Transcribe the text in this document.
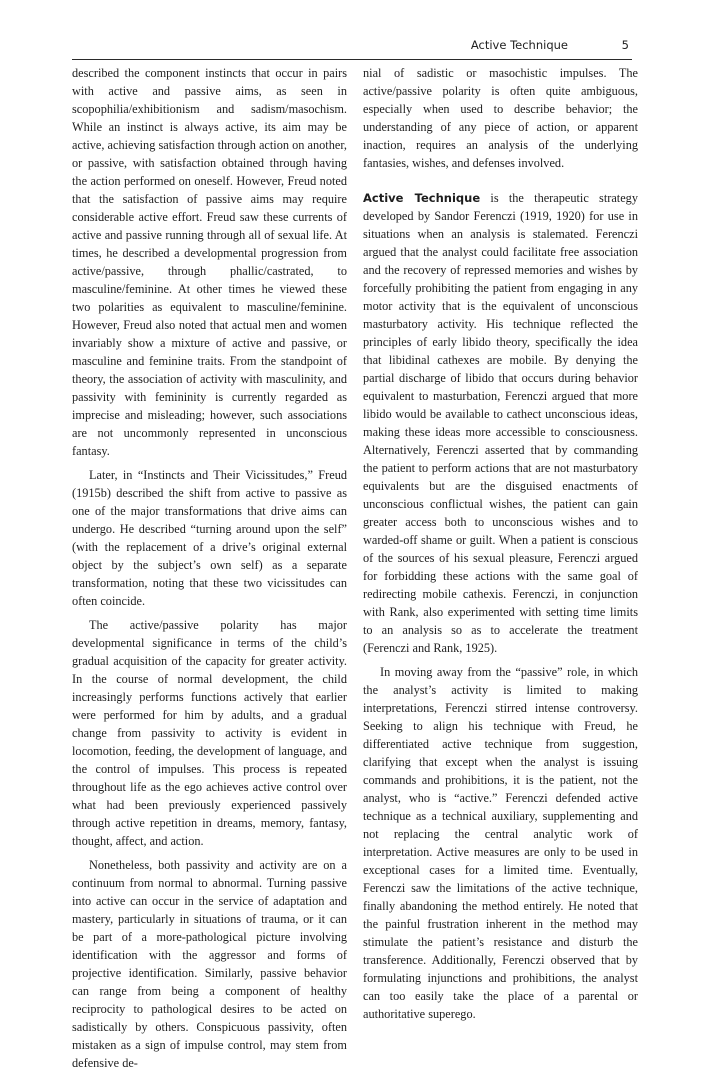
Active Technique	5

described the component instincts that occur in pairs with active and passive aims, as seen in scopophilia/exhibitionism and sadism/masochism. While an instinct is always active, its aim may be active, achieving satisfaction through action on another, or passive, with satisfaction obtained through having the action performed on oneself. However, Freud noted that the satisfaction of passive aims may require considerable active effort. Freud saw these currents of active and passive running through all of sexual life. At times, he described a developmental progression from active/passive, through phallic/castrated, to masculine/feminine. At other times he viewed these two polarities as equivalent to masculine/feminine. However, Freud also noted that actual men and women invariably show a mixture of active and passive, or masculine and feminine traits. From the standpoint of theory, the association of activity with masculinity, and passivity with femininity is currently regarded as imprecise and misleading; however, such associations are not uncommonly represented in unconscious fantasy.

Later, in “Instincts and Their Vicissitudes,” Freud (1915b) described the shift from active to passive as one of the major transformations that drive aims can undergo. He described “turning around upon the self” (with the replacement of a drive’s original external object by the subject’s own self) as a separate transformation, noting that these two vicissitudes can often coincide.

The active/passive polarity has major developmental significance in terms of the child’s gradual acquisition of the capacity for greater activity. In the course of normal development, the child increasingly performs functions actively that earlier were performed for him by adults, and a gradual change from passivity to activity is evident in locomotion, feeding, the development of language, and the control of impulses. This process is repeated throughout life as the ego achieves active control over what had been previously experienced passively through active repetition in dreams, memory, fantasy, thought, affect, and action.

Nonetheless, both passivity and activity are on a continuum from normal to abnormal. Turning passive into active can occur in the service of adaptation and mastery, particularly in situations of trauma, or it can be part of a more-pathological picture involving identification with the aggressor and forms of projective identification. Similarly, passive behavior can range from being a component of healthy reciprocity to pathological desires to be acted on sadistically by others. Conspicuous passivity, often mistaken as a sign of impulse control, may stem from defensive de-

nial of sadistic or masochistic impulses. The active/passive polarity is often quite ambiguous, especially when used to describe behavior; the understanding of any piece of action, or apparent inaction, requires an analysis of the underlying fantasies, wishes, and defenses involved.

Active Technique is the therapeutic strategy developed by Sandor Ferenczi (1919, 1920) for use in situations when an analysis is stalemated. Ferenczi argued that the analyst could facilitate free association and the recovery of repressed memories and wishes by forcefully prohibiting the patient from engaging in any motor activity that is the equivalent of unconscious masturbatory activity. His technique reflected the principles of early libido theory, specifically the idea that libidinal cathexes are mobile. By denying the partial discharge of libido that occurs during behavior equivalent to masturbation, Ferenczi argued that more libido would be available to cathect unconscious ideas, making these ideas more accessible to consciousness. Alternatively, Ferenczi asserted that by commanding the patient to perform actions that are not masturbatory equivalents but are the disguised enactments of unconscious conflictual wishes, the patient can gain greater access both to unconscious wishes and to warded-off shame or guilt. When a patient is conscious of the sources of his sexual pleasure, Ferenczi argued for forbidding these actions with the same goal of redirecting mobile cathexis. Ferenczi, in conjunction with Rank, also experimented with setting time limits to an analysis so as to accelerate the treatment (Ferenczi and Rank, 1925).

In moving away from the “passive” role, in which the analyst’s activity is limited to making interpretations, Ferenczi stirred intense controversy. Seeking to align his technique with Freud, he differentiated active technique from suggestion, clarifying that except when the analyst is issuing commands and prohibitions, it is the patient, not the analyst, who is “active.” Ferenczi defended active technique as a technical auxiliary, supplementing and not replacing the central analytic work of interpretation. Active measures are only to be used in exceptional cases for a limited time. Eventually, Ferenczi saw the limitations of the active technique, finally abandoning the method entirely. He noted that the painful frustration inherent in the method may stimulate the patient’s resistance and disturb the transference. Additionally, Ferenczi observed that by formulating injunctions and prohibitions, the analyst can too easily take the place of a parental or authoritative superego.
